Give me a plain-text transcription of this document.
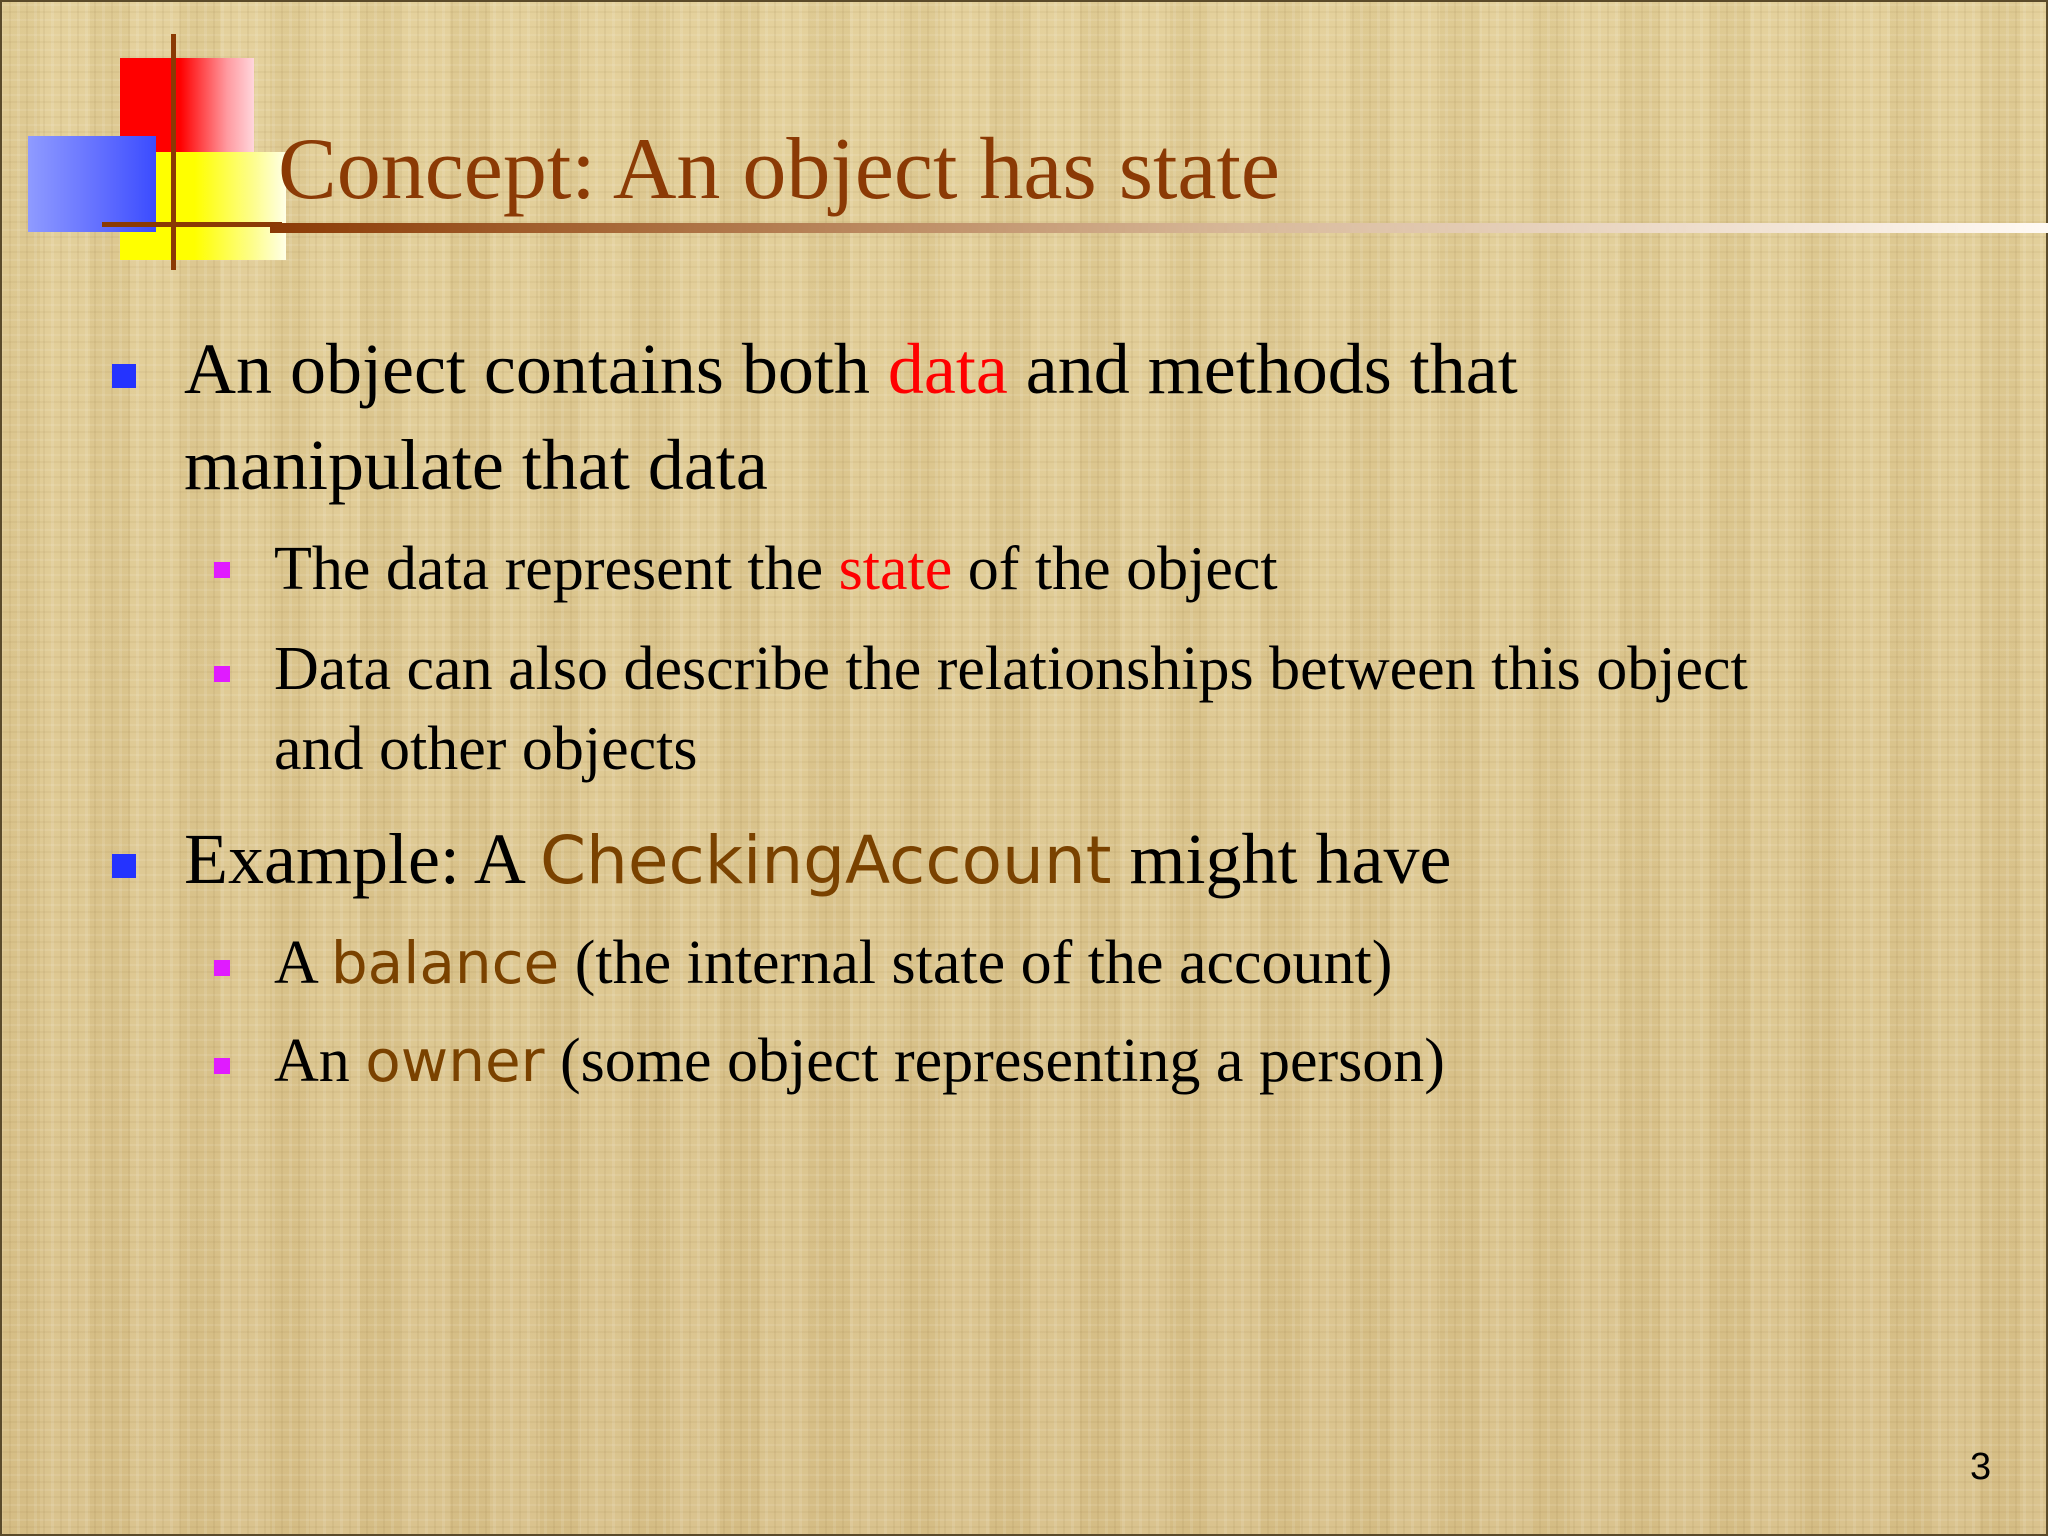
Concept: An object has state
An object contains both data and methods that
manipulate that data
The data represent the state of the object
Data can also describe the relationships between this object
and other objects
Example: A CheckingAccount might have
A balance (the internal state of the account)
An owner (some object representing a person)
3
